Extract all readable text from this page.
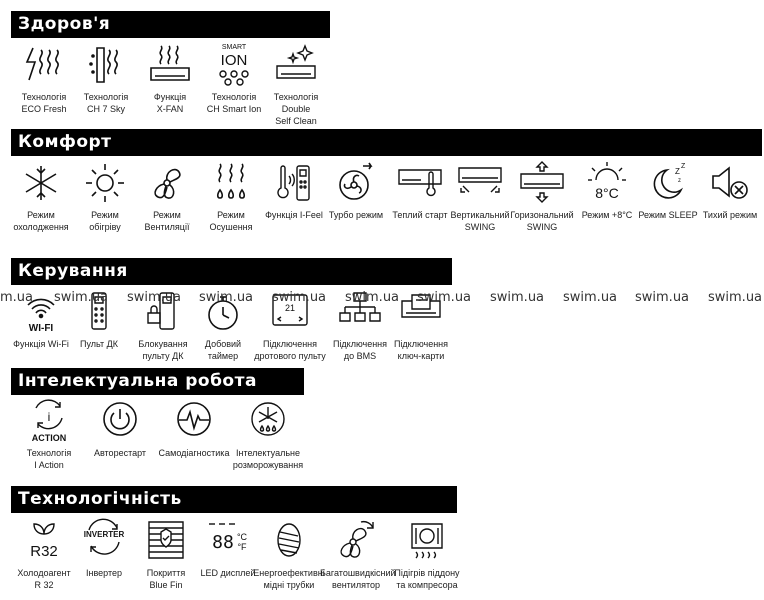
Здоров'я
Комфорт
Керування
Інтелектуальна робота
Технологічність
Технологія
ECO Fresh
Технологія
CH 7 Sky
Функція
X-FAN
SMART
ION
Технологія
CH Smart Ion
Технологія Double
Self Clean
Режим
охолодження
Режим
обігріву
Режим
Вентиляції
Режим
Осушення
Функція I-Feel Турбо режим	Теплий старт Вертикальний
SWING
Горизональний
SWING
8°C
Режим +8°C
Z
Z
z
Режим SLEEP Тихий режим
WI-FI
Функція Wi-Fi	Пульт ДК	Блокування
пульту ДК
Добовий
таймер
21
Підключення
дротового пульту
Підключення
до BMS
Підключення
ключ-карти
i
ACTION
Технологія
I Action
Авторестарт	Самодіагностика Інтелектуальне
розморожування
R32
Холодоагент
R 32
INVERTER
Інвертер	Покриття
Blue Fin
88 °C
°F
LED дисплей
Енергоефективні
мідні трубки
Багатошвидкісний
вентилятор
Підігрів піддону
та компресора
m.ua swim.ua swim.ua swim.ua swim.ua swim.ua swim.ua swim.ua swim.ua swim.ua swim.ua
